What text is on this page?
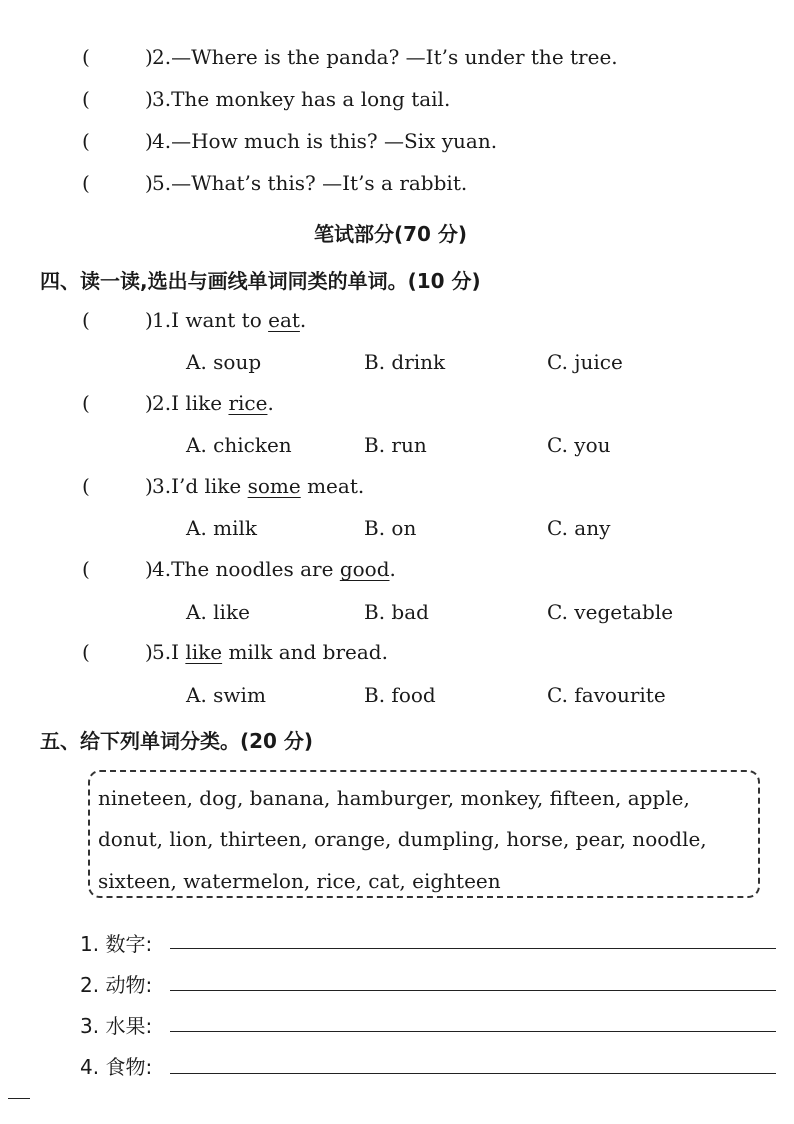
(	) 2.—Where is the panda? —It’s under the tree.
(	) 3.The monkey has a long tail.
(	) 4.—How much is this? —Six yuan.
(	) 5.—What’s this? —It’s a rabbit.
笔试部分(70 分)
四、读一读,选出与画线单词同类的单词。(10 分)
(	) 1.I want to eat.
A. soup	B. drink	C. juice
(	) 2.I like rice.
A. chicken	B. run	C. you
(	) 3.I’d like some meat.
A. milk	B. on	C. any
(	) 4.The noodles are good.
A. like	B. bad	C. vegetable
(	) 5.I like milk and bread.
A. swim	B. food	C. favourite
五、给下列单词分类。(20 分)
nineteen, dog, banana, hamburger, monkey, fifteen, apple,
donut, lion, thirteen, orange, dumpling, horse, pear, noodle,
sixteen, watermelon, rice, cat, eighteen
1. 数字:
2. 动物:
3. 水果:
4. 食物:
